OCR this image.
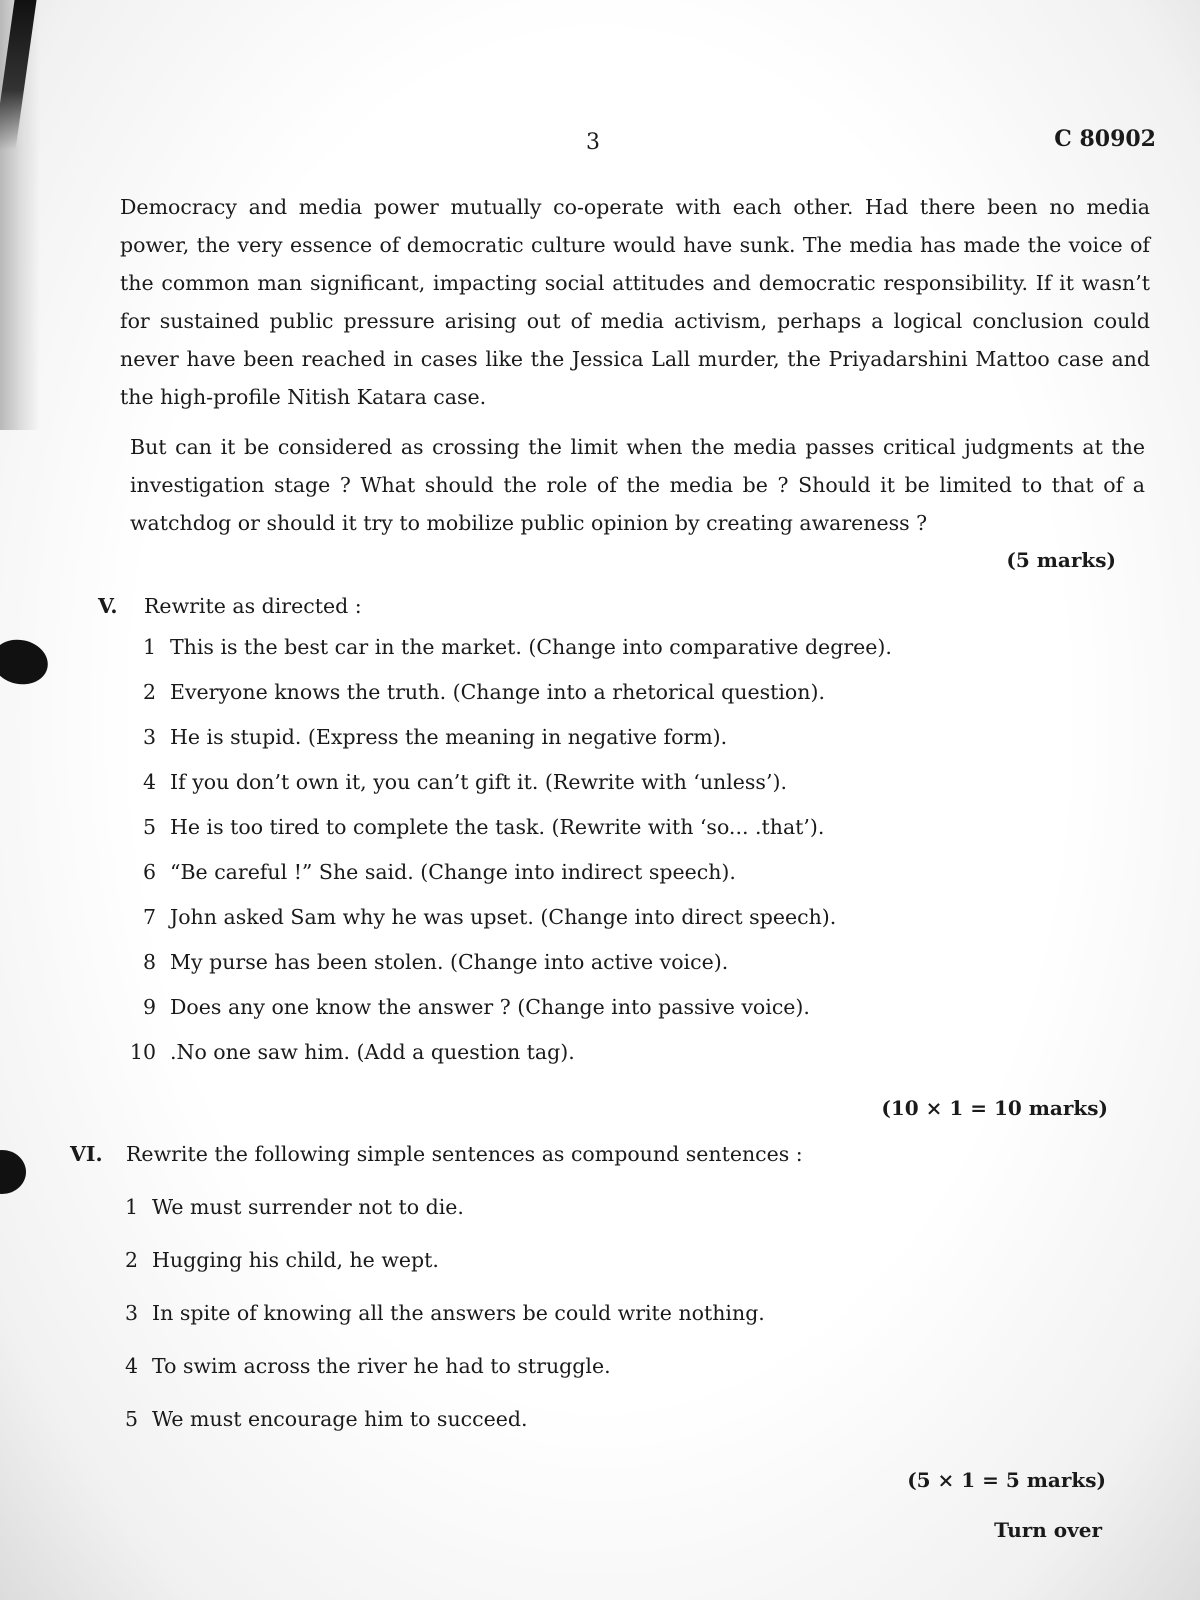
3	C 80902

Democracy and media power mutually co-operate with each other. Had there been no media power, the very essence of democratic culture would have sunk. The media has made the voice of the common man significant, impacting social attitudes and democratic responsibility. If it wasn’t for sustained public pressure arising out of media activism, perhaps a logical conclusion could never have been reached in cases like the Jessica Lall murder, the Priyadarshini Mattoo case and the high-profile Nitish Katara case.

But can it be considered as crossing the limit when the media passes critical judgments at the investigation stage ? What should the role of the media be ? Should it be limited to that of a watchdog or should it try to mobilize public opinion by creating awareness ?

(5 marks)
V. Rewrite as directed :
1 This is the best car in the market. (Change into comparative degree).
2 Everyone knows the truth. (Change into a rhetorical question).
3 He is stupid. (Express the meaning in negative form).
4 If you don’t own it, you can’t gift it. (Rewrite with ‘unless’).
5 He is too tired to complete the task. (Rewrite with ‘so... .that’).
6 “Be careful !” She said. (Change into indirect speech).
7 John asked Sam why he was upset. (Change into direct speech).
8 My purse has been stolen. (Change into active voice).
9 Does any one know the answer ? (Change into passive voice).
10 .No one saw him. (Add a question tag).
(10 × 1 = 10 marks)
VI. Rewrite the following simple sentences as compound sentences :
1 We must surrender not to die.
2 Hugging his child, he wept.
3 In spite of knowing all the answers be could write nothing.
4 To swim across the river he had to struggle.
5 We must encourage him to succeed.
(5 × 1 = 5 marks)
Turn over
